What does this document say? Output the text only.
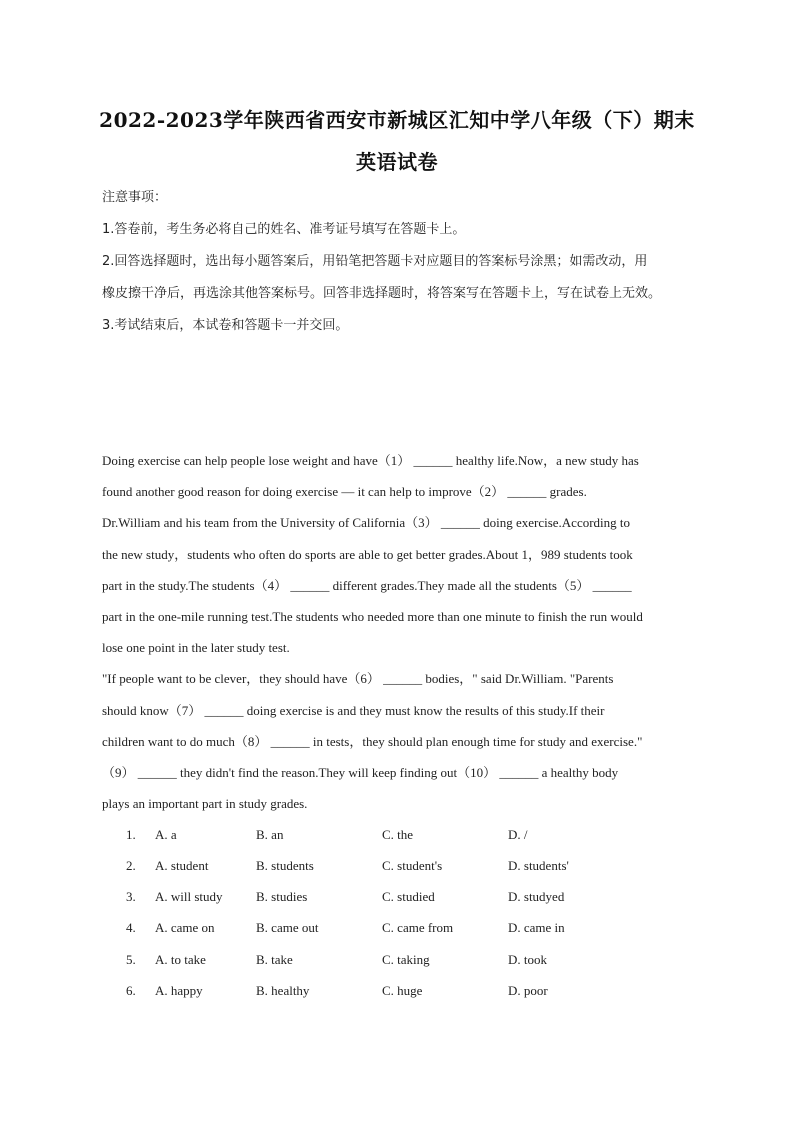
2022-2023学年陕西省西安市新城区汇知中学八年级（下）期末
英语试卷

注意事项：

1.答卷前，考生务必将自己的姓名、准考证号填写在答题卡上。

2.回答选择题时，选出每小题答案后，用铅笔把答题卡对应题目的答案标号涂黑；如需改动，用

橡皮擦干净后，再选涂其他答案标号。回答非选择题时，将答案写在答题卡上，写在试卷上无效。

3.考试结束后，本试卷和答题卡一并交回。

Doing exercise can help people lose weight and have（1） ______ healthy life.Now，a new study has

found another good reason for doing exercise — it can help to improve（2） ______ grades.

Dr.William and his team from the University of California（3） ______ doing exercise.According to

the new study，students who often do sports are able to get better grades.About 1，989 students took

part in the study.The students（4） ______ different grades.They made all the students（5） ______

part in the one-mile running test.The students who needed more than one minute to finish the run would

lose one point in the later study test.

"If people want to be clever，they should have（6） ______ bodies，" said Dr.William. "Parents

should know（7） ______ doing exercise is and they must know the results of this study.If their

children want to do much（8） ______ in tests，they should plan enough time for study and exercise."

（9） ______ they didn't find the reason.They will keep finding out（10） ______ a healthy body

plays an important part in study grades.

1. A. a	B. an	C. the	D. /
2. A. student	B. students	C. student's	D. students'
3. A. will study	B. studies	C. studied	D. studyed
4. A. came on	B. came out	C. came from	D. came in
5. A. to take	B. take	C. taking	D. took
6. A. happy	B. healthy	C. huge	D. poor
